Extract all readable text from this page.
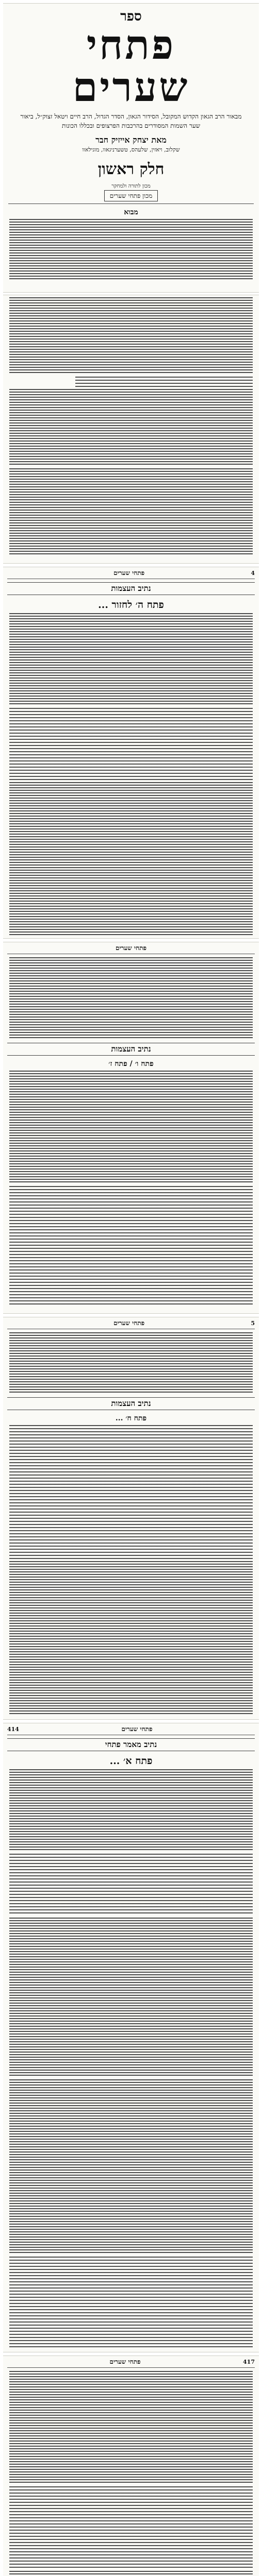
ספר
פתחי
שערים
מבאור הרב הגאון הקדוש המקובל, הסידור הגאון, הסדר הגדול, הרב חיים ויטאל זצוק״ל, ביאור שער השמות המסודרים בהרכבות הפרצופים ובכללו הכונות
מאת יצחק אייזיק חבר
שקלוב, ויאזין, שלעהס, טשערניגאוו, מוגילאוו
חלק ראשון
מכון לתורה ולמחקר
מכון פתחי שערים
מבוא
4
פתחי שערים
נתיב העצמות
פתח ה׳ לחזור ...
פתחי שערים
נתיב העצמות
פתח ו׳ / פתח ז׳
5
פתחי שערים
נתיב העצמות
פתח ח׳ ...
פתחי שערים
414
נתיב מאמר פתחי
פתח א׳ ...
417
פתחי שערים
